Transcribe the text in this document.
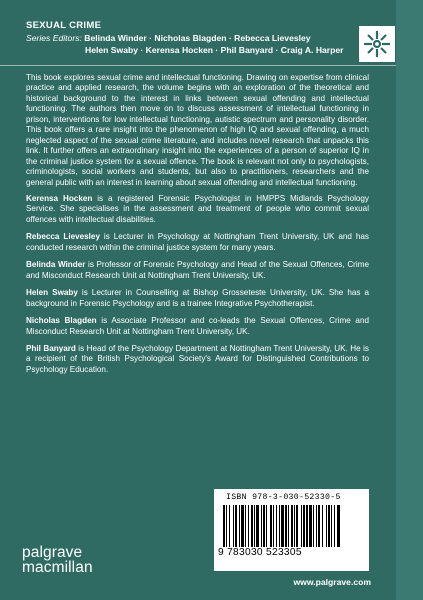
SEXUAL CRIME
Series Editors: Belinda Winder · Nicholas Blagden · Rebecca Lievesley
Helen Swaby · Kerensa Hocken · Phil Banyard · Craig A. Harper

This book explores sexual crime and intellectual functioning. Drawing on expertise from clinical practice and applied research, the volume begins with an exploration of the theoretical and historical background to the interest in links between sexual offending and intellectual functioning. The authors then move on to discuss assessment of intellectual functioning in prison, interventions for low intellectual functioning, autistic spectrum and personality disorder. This book offers a rare insight into the phenomenon of high IQ and sexual offending, a much neglected aspect of the sexual crime literature, and includes novel research that unpacks this link. It further offers an extraordinary insight into the experiences of a person of superior IQ in the criminal justice system for a sexual offence. The book is relevant not only to psychologists, criminologists, social workers and students, but also to practitioners, researchers and the general public with an interest in learning about sexual offending and intellectual functioning.

Kerensa Hocken is a registered Forensic Psychologist in HMPPS Midlands Psychology Service. She specialises in the assessment and treatment of people who commit sexual offences with intellectual disabilities.

Rebecca Lievesley is Lecturer in Psychology at Nottingham Trent University, UK and has conducted research within the criminal justice system for many years.

Belinda Winder is Professor of Forensic Psychology and Head of the Sexual Offences, Crime and Misconduct Research Unit at Nottingham Trent University, UK.

Helen Swaby is Lecturer in Counselling at Bishop Grosseteste University, UK. She has a background in Forensic Psychology and is a trainee Integrative Psychotherapist.

Nicholas Blagden is Associate Professor and co-leads the Sexual Offences, Crime and Misconduct Research Unit at Nottingham Trent University, UK.

Phil Banyard is Head of the Psychology Department at Nottingham Trent University, UK. He is a recipient of the British Psychological Society's Award for Distinguished Contributions to Psychology Education.

ISBN 978-3-030-52330-5
9 783030 523305
www.palgrave.com
palgrave
macmillan
